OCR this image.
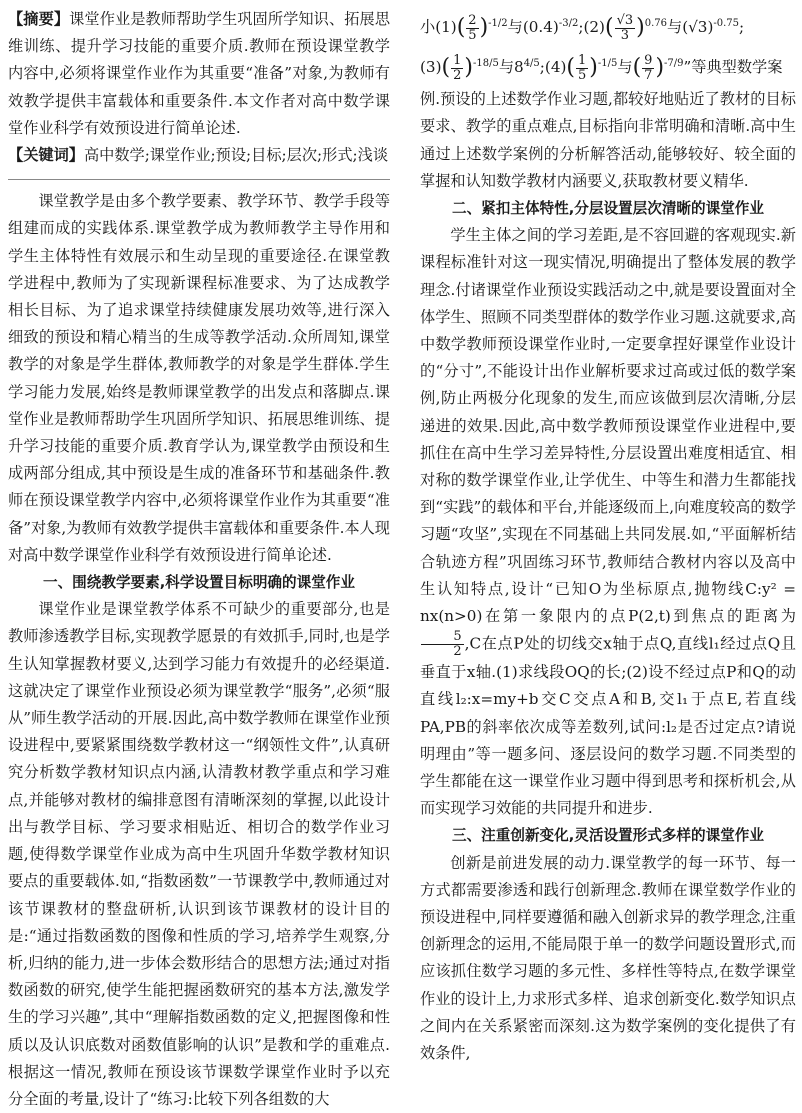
【摘要】课堂作业是教师帮助学生巩固所学知识、拓展思维训练、提升学习技能的重要介质.教师在预设课堂教学内容中,必须将课堂作业作为其重要“准备”对象,为教师有效教学提供丰富载体和重要条件.本文作者对高中数学课堂作业科学有效预设进行简单论述.
【关键词】高中数学;课堂作业;预设;目标;层次;形式;浅谈

课堂教学是由多个教学要素、教学环节、教学手段等组建而成的实践体系.课堂教学成为教师教学主导作用和学生主体特性有效展示和生动呈现的重要途径.在课堂教学进程中,教师为了实现新课程标准要求、为了达成教学相长目标、为了追求课堂持续健康发展功效等,进行深入细致的预设和精心精当的生成等教学活动.众所周知,课堂教学的对象是学生群体,教师教学的对象是学生群体.学生学习能力发展,始终是教师课堂教学的出发点和落脚点.课堂作业是教师帮助学生巩固所学知识、拓展思维训练、提升学习技能的重要介质.教育学认为,课堂教学由预设和生成两部分组成,其中预设是生成的准备环节和基础条件.教师在预设课堂教学内容中,必须将课堂作业作为其重要“准备”对象,为教师有效教学提供丰富载体和重要条件.本人现对高中数学课堂作业科学有效预设进行简单论述.

一、围绕教学要素,科学设置目标明确的课堂作业

课堂作业是课堂教学体系不可缺少的重要部分,也是教师渗透教学目标,实现教学愿景的有效抓手,同时,也是学生认知掌握教材要义,达到学习能力有效提升的必经渠道.这就决定了课堂作业预设必须为课堂教学“服务”,必须“服从”师生教学活动的开展.因此,高中数学教师在课堂作业预设进程中,要紧紧围绕数学教材这一“纲领性文件”,认真研究分析数学教材知识点内涵,认清教材教学重点和学习难点,并能够对教材的编排意图有清晰深刻的掌握,以此设计出与教学目标、学习要求相贴近、相切合的数学作业习题,使得数学课堂作业成为高中生巩固升华数学教材知识要点的重要载体.如,“指数函数”一节课教学中,教师通过对该节课教材的整盘研析,认识到该节课教材的设计目的是:“通过指数函数的图像和性质的学习,培养学生观察,分析,归纳的能力,进一步体会数形结合的思想方法;通过对指数函数的研究,使学生能把握函数研究的基本方法,激发学生的学习兴趣”,其中“理解指数函数的定义,把握图像和性质以及认识底数对函数值影响的认识”是教和学的重难点.根据这一情况,教师在预设该节课数学课堂作业时予以充分全面的考量,设计了“练习:比较下列各组数的大

小$(1)( \frac{2}{5} )^{-1/2}$与$(0.4)^{-3/2};(2)( \frac{√3}{3} )^{0.76}$与$(√3)^{-0.75}$;
$(3)( \frac{1}{2} )^{-18/5}$与$8^{4/5};(4)( \frac{1}{5} )^{-1/5}$与( $\frac{9}{7} )^{-7/9}$”等典型数学案

例.预设的上述数学作业习题,都较好地贴近了教材的目标要求、教学的重点难点,目标指向非常明确和清晰.高中生通过上述数学案例的分析解答活动,能够较好、较全面的掌握和认知数学教材内涵要义,获取教材要义精华.

二、紧扣主体特性,分层设置层次清晰的课堂作业

学生主体之间的学习差距,是不容回避的客观现实.新课程标准针对这一现实情况,明确提出了整体发展的教学理念.付诸课堂作业预设实践活动之中,就是要设置面对全体学生、照顾不同类型群体的数学作业习题.这就要求,高中数学教师预设课堂作业时,一定要拿捏好课堂作业设计的“分寸”,不能设计出作业解析要求过高或过低的数学案例,防止两极分化现象的发生,而应该做到层次清晰,分层递进的效果.因此,高中数学教师预设课堂作业进程中,要抓住在高中生学习差异特性,分层设置出难度相适宜、相对称的数学课堂作业,让学优生、中等生和潜力生都能找到“实践”的载体和平台,并能逐级而上,向难度较高的数学习题“攻坚”,实现在不同基础上共同发展.如,“平面解析结合轨迹方程”巩固练习环节,教师结合教材内容以及高中生认知特点,设计“已知O为坐标原点,抛物线C:y² = nx(n>0)在第一象限内的点P(2,t)到焦点的距离为
$\frac{5}{2} ,C$在点P处的切线交x轴于点Q,直线l₁经过点Q且垂直于x轴.(1)求线段OQ的长;(2)设不经过点P和Q的动直线l₂:x=my+b交C交点A和B,交l₁于点E,若直线PA,PB的斜率依次成等差数列,试问:l₂是否过定点?请说明理由”等一题多问、逐层设问的数学习题.不同类型的学生都能在这一课堂作业习题中得到思考和探析机会,从而实现学习效能的共同提升和进步.

三、注重创新变化,灵活设置形式多样的课堂作业

创新是前进发展的动力.课堂教学的每一环节、每一方式都需要渗透和践行创新理念.教师在课堂数学作业的预设进程中,同样要遵循和融入创新求异的教学理念,注重创新理念的运用,不能局限于单一的数学问题设置形式,而应该抓住数学习题的多元性、多样性等特点,在数学课堂作业的设计上,力求形式多样、追求创新变化.数学知识点之间内在关系紧密而深刻.这为数学案例的变化提供了有效条件,
